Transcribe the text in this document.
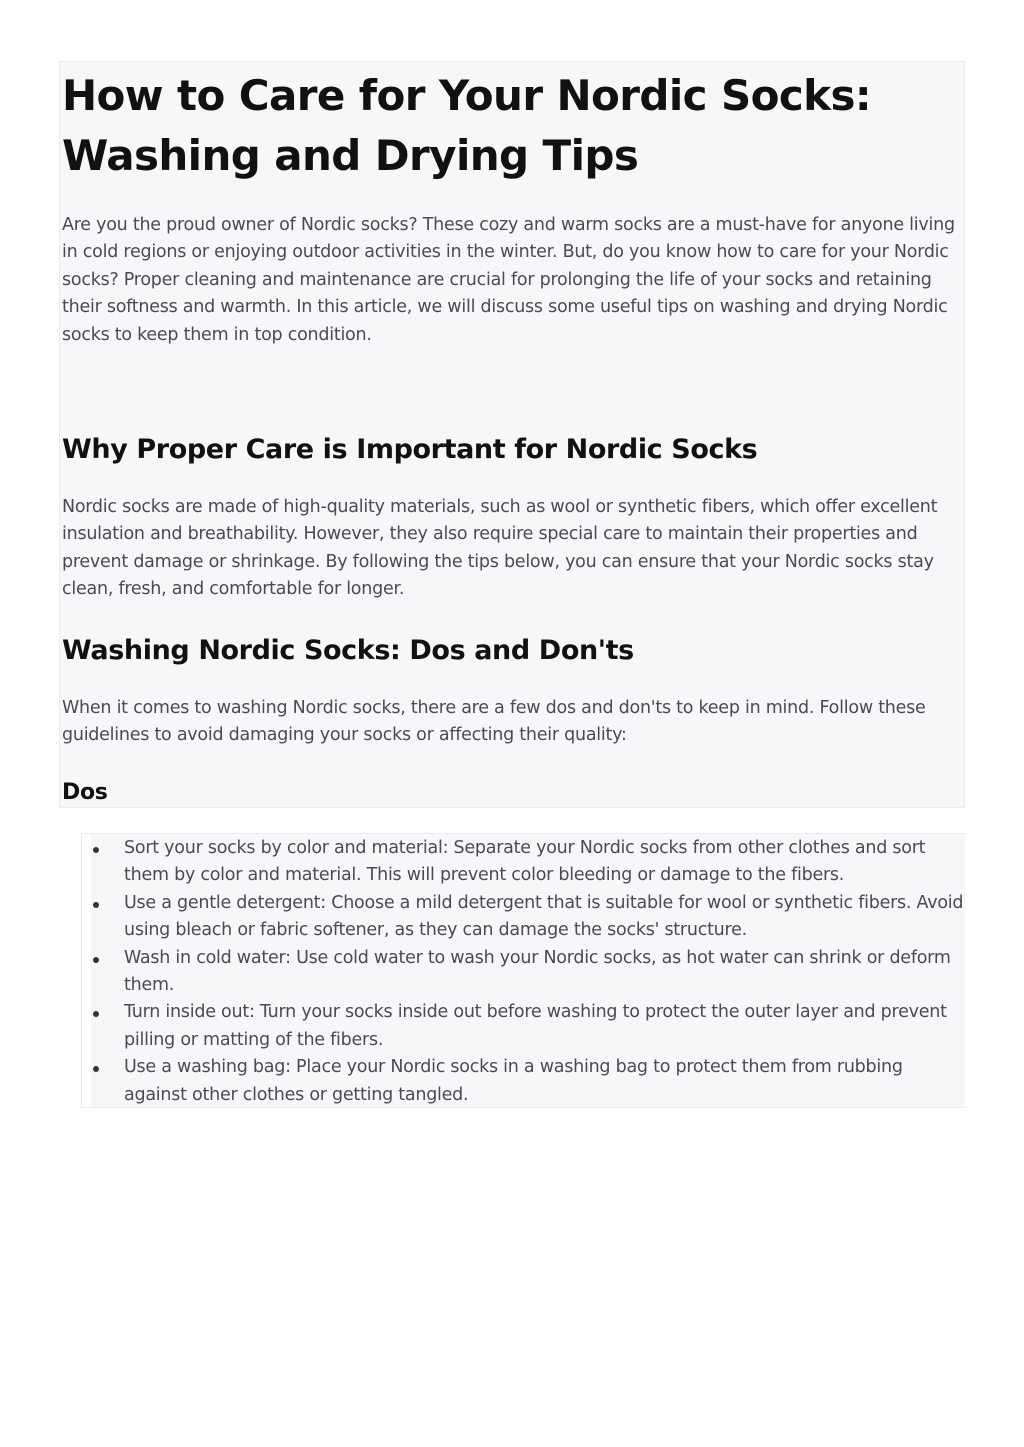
How to Care for Your Nordic Socks: Washing and Drying Tips

Are you the proud owner of Nordic socks? These cozy and warm socks are a must-have for anyone living in cold regions or enjoying outdoor activities in the winter. But, do you know how to care for your Nordic socks? Proper cleaning and maintenance are crucial for prolonging the life of your socks and retaining their softness and warmth. In this article, we will discuss some useful tips on washing and drying Nordic socks to keep them in top condition.

Why Proper Care is Important for Nordic Socks

Nordic socks are made of high-quality materials, such as wool or synthetic fibers, which offer excellent insulation and breathability. However, they also require special care to maintain their properties and prevent damage or shrinkage. By following the tips below, you can ensure that your Nordic socks stay clean, fresh, and comfortable for longer.

Washing Nordic Socks: Dos and Don'ts

When it comes to washing Nordic socks, there are a few dos and don'ts to keep in mind. Follow these guidelines to avoid damaging your socks or affecting their quality:

Dos
Sort your socks by color and material: Separate your Nordic socks from other clothes and sort them by color and material. This will prevent color bleeding or damage to the fibers.
Use a gentle detergent: Choose a mild detergent that is suitable for wool or synthetic fibers. Avoid using bleach or fabric softener, as they can damage the socks' structure.
Wash in cold water: Use cold water to wash your Nordic socks, as hot water can shrink or deform them.
Turn inside out: Turn your socks inside out before washing to protect the outer layer and prevent pilling or matting of the fibers.
Use a washing bag: Place your Nordic socks in a washing bag to protect them from rubbing against other clothes or getting tangled.
